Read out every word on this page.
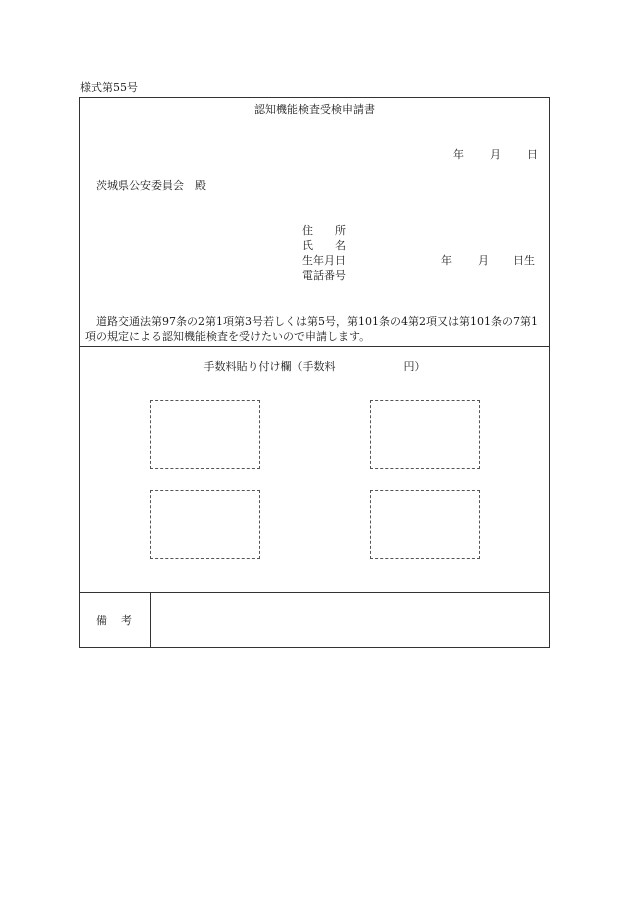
様式第55号
認知機能検査受検申請書
年 月 日
茨城県公安委員会　殿
住　　所
氏　　名
生年月日	年 月 日生
電話番号
道路交通法第97条の2第1項第3号若しくは第5号，第101条の4第2項又は第101条の7第1
項の規定による認知機能検査を受けたいので申請します。
手数料貼り付け欄（手数料	円）
備 考
